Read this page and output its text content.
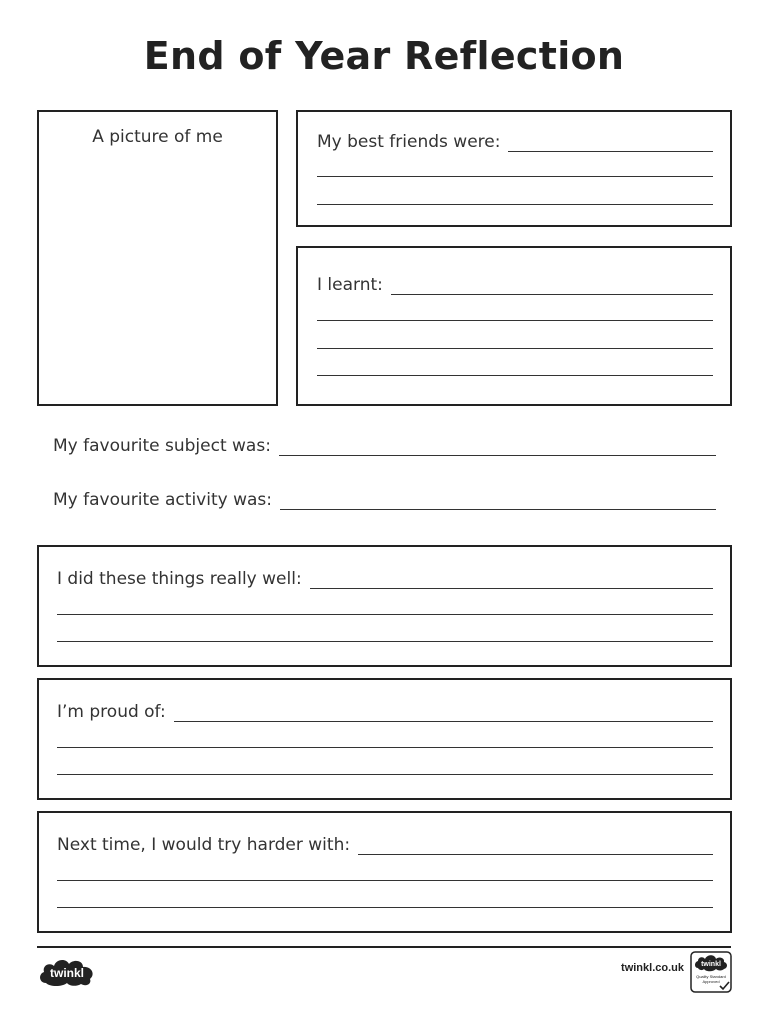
End of Year Reflection
A picture of me	My best friends were:
I learnt:
My favourite subject was:
My favourite activity was:
I did these things really well:
I’m proud of:
Next time, I would try harder with:
twinkl	twinkl.co.uk twinkl
Quality Standard Approved
